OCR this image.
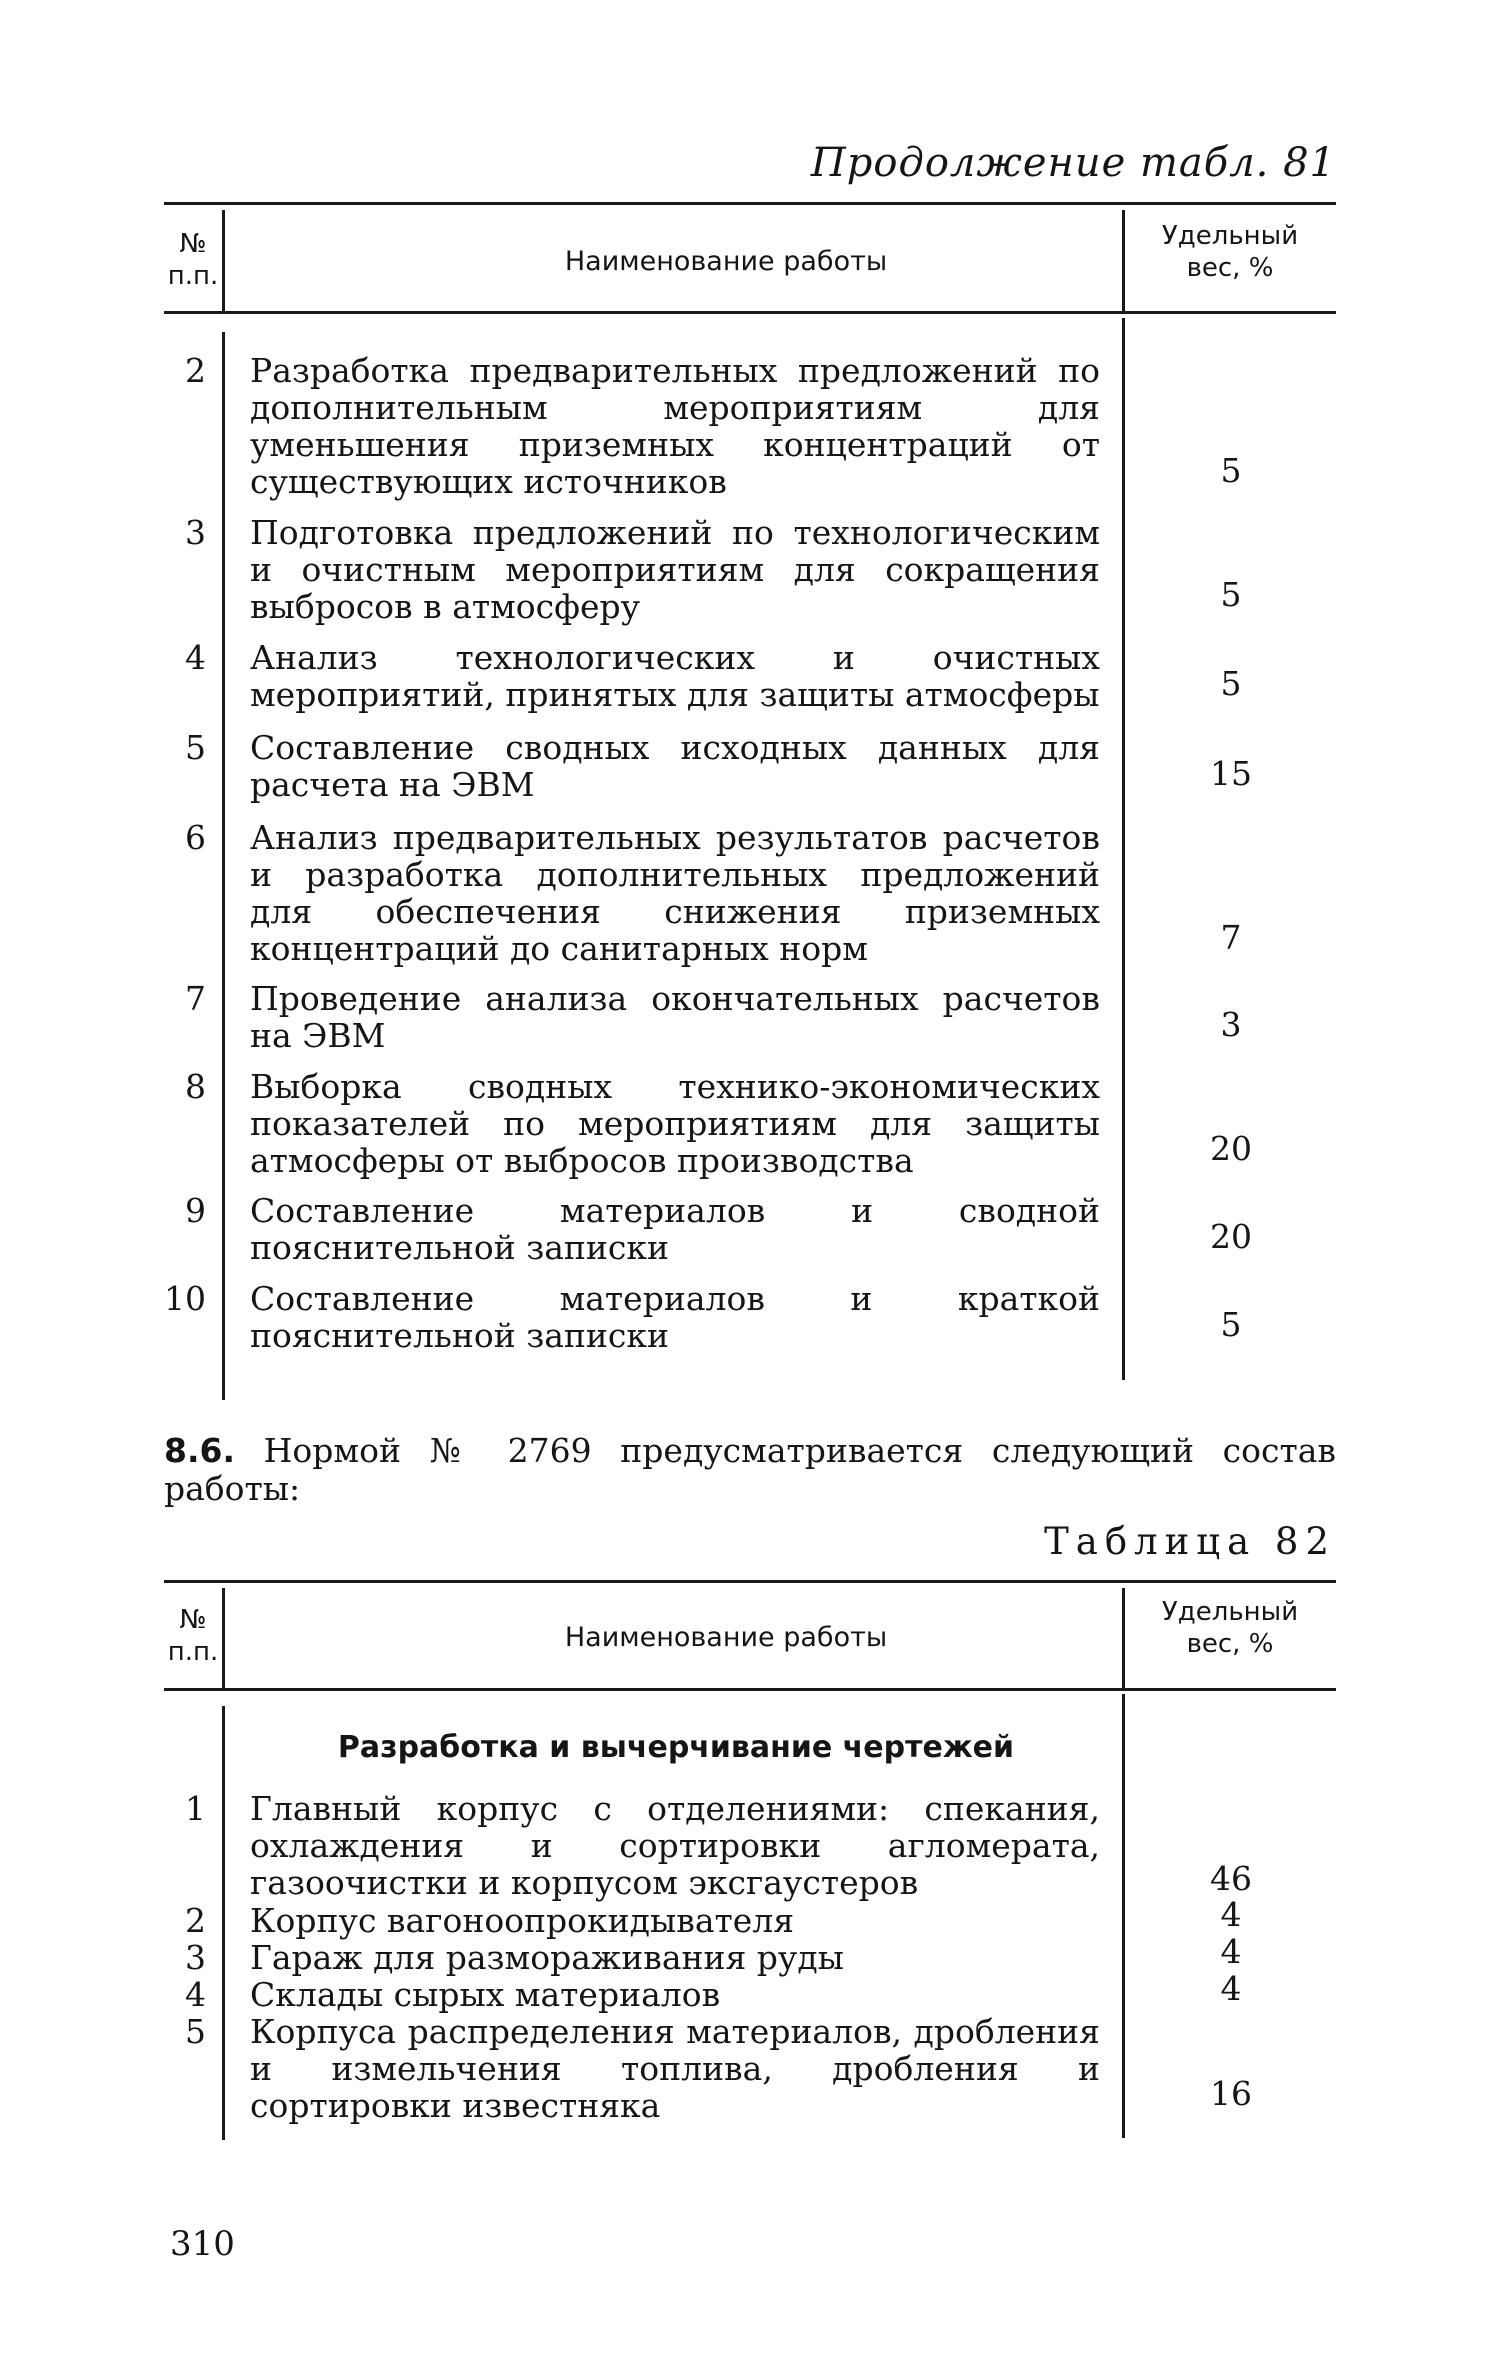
Продолжение табл. 81
№
п.п.	Наименование работы
Удельный
вес, %
2 Разработка предварительных предложений по дополнительным мероприятиям для уменьшения приземных концентраций от существующих источников	5
3 Подготовка предложений по технологическим и очистным мероприятиям для сокращения выбросов в атмосферу	5
4 Анализ технологических и очистных мероприятий, принятых для защиты атмосферы	5
5 Составление сводных исходных данных для расчета на ЭВМ	15
6 Анализ предварительных результатов расчетов и разработка дополнительных предложений для обеспечения снижения приземных концентраций до санитарных норм	7
7 Проведение анализа окончательных расчетов на ЭВМ	3
8 Выборка сводных технико-экономических показателей по мероприятиям для защиты атмосферы от выбросов производства	20
9 Составление материалов и сводной пояснительной записки	20
10 Составление материалов и краткой пояснительной записки	5
8.6. Нормой № 2769 предусматривается следующий состав работы:
Таблица 82
№
п.п.	Наименование работы
Удельный
вес, %
Разработка и вычерчивание чертежей
1 Главный корпус с отделениями: спекания, охлаждения и сортировки агломерата, газоочистки и корпусом эксгаустеров	46
2 Корпус вагоноопрокидывателя	4
3 Гараж для размораживания руды	4
4 Склады сырых материалов	4
5 Корпуса распределения материалов, дробления и измельчения топлива, дробления и сортировки известняка	16
310
